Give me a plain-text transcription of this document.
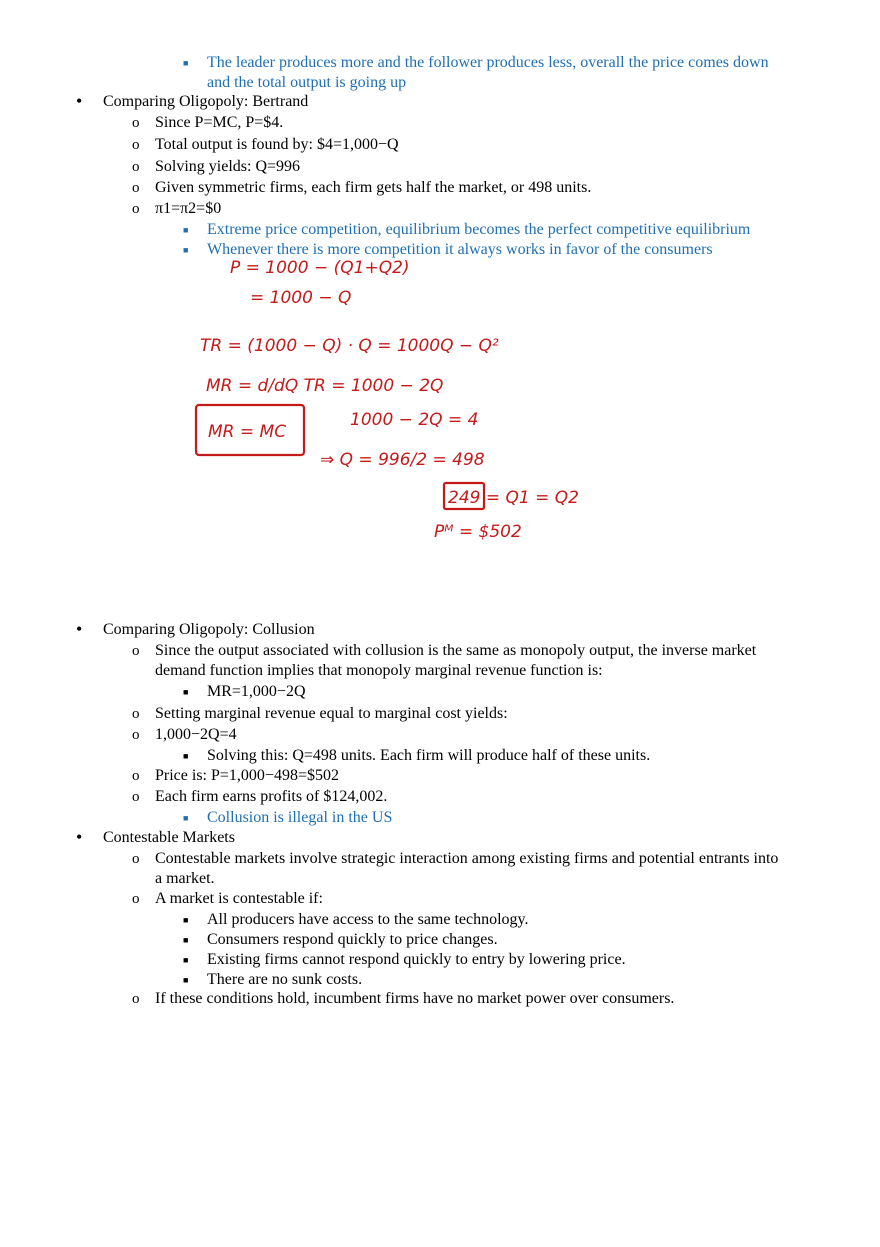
■ The leader produces more and the follower produces less, overall the price comes down
and the total output is going up
• Comparing Oligopoly: Bertrand
o Since P=MC, P=$4.
o Total output is found by: $4=1,000−Q
o Solving yields: Q=996
o Given symmetric firms, each firm gets half the market, or 498 units.
o π1=π2=$0
■ Extreme price competition, equilibrium becomes the perfect competitive equilibrium
■ Whenever there is more competition it always works in favor of the consumers
P = 1000 − (Q1+Q2)
= 1000 − Q
TR = (1000 − Q) · Q = 1000Q − Q²
MR = d/dQ TR = 1000 − 2Q
MR = MC
1000 − 2Q = 4
⇒ Q = 996/2 = 498
249 = Q1 = Q2
Pᴹ = $502
• Comparing Oligopoly: Collusion
o Since the output associated with collusion is the same as monopoly output, the inverse market
demand function implies that monopoly marginal revenue function is:
■ MR=1,000−2Q
o Setting marginal revenue equal to marginal cost yields:
o 1,000−2Q=4
■ Solving this: Q=498 units. Each firm will produce half of these units.
o Price is: P=1,000−498=$502
o Each firm earns profits of $124,002.
■ Collusion is illegal in the US
• Contestable Markets
o Contestable markets involve strategic interaction among existing firms and potential entrants into
a market.
o A market is contestable if:
■ All producers have access to the same technology.
■ Consumers respond quickly to price changes.
■ Existing firms cannot respond quickly to entry by lowering price.
■ There are no sunk costs.
o If these conditions hold, incumbent firms have no market power over consumers.
